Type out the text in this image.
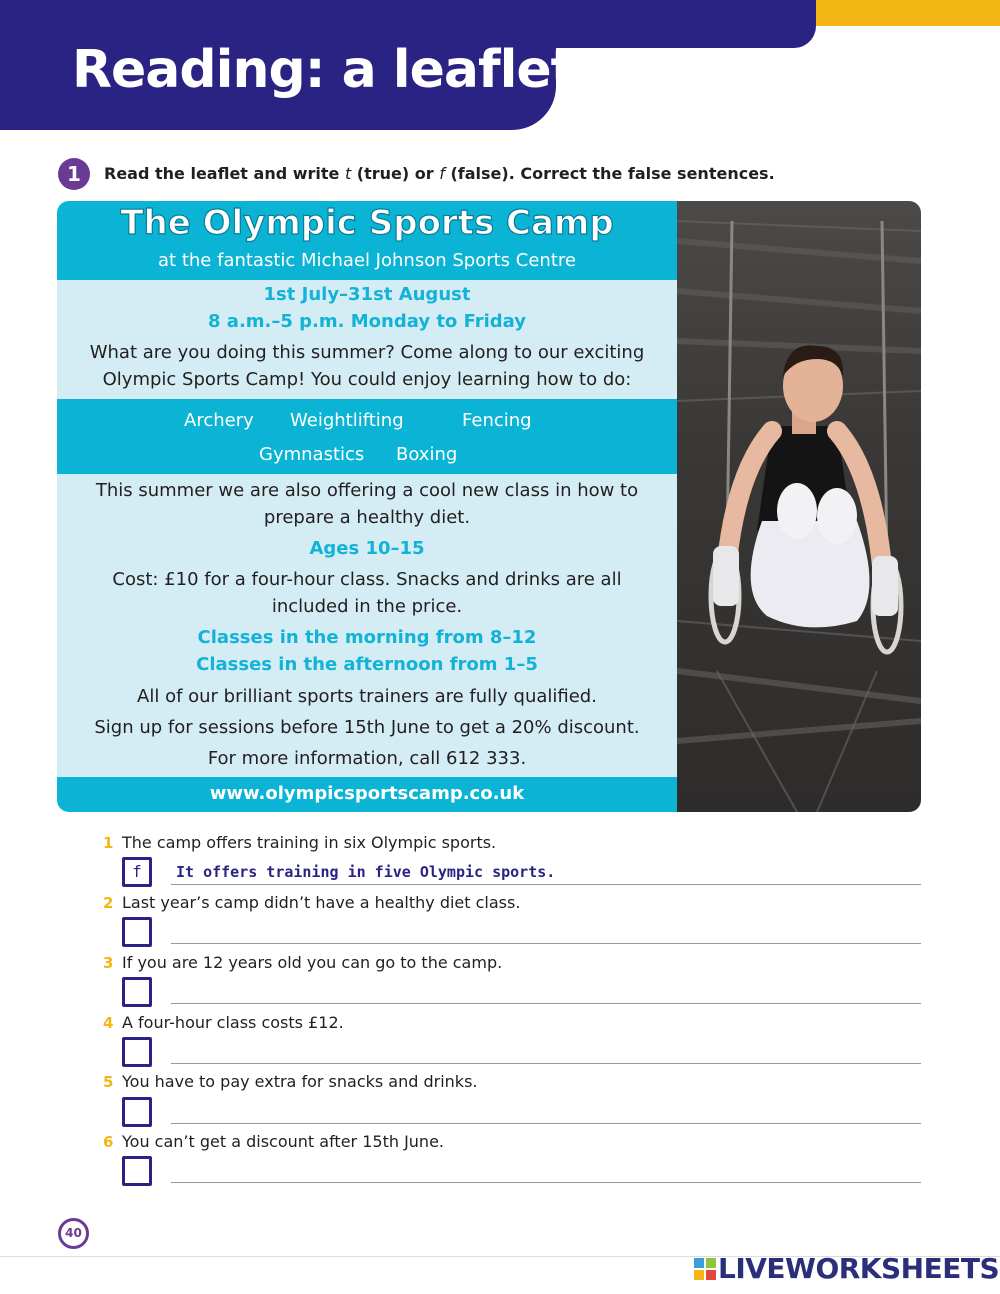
Reading: a leaflet
1	Read the leaflet and write t (true) or f (false). Correct the false sentences.
The Olympic Sports Camp
at the fantastic Michael Johnson Sports Centre
1st July–31st August
8 a.m.–5 p.m. Monday to Friday
What are you doing this summer? Come along to our exciting
Olympic Sports Camp! You could enjoy learning how to do:
Archery Weightlifting	Fencing
Gymnastics Boxing
This summer we are also offering a cool new class in how to
prepare a healthy diet.
Ages 10–15
Cost: £10 for a four-hour class. Snacks and drinks are all
included in the price.
Classes in the morning from 8–12
Classes in the afternoon from 1–5
All of our brilliant sports trainers are fully qualified.
Sign up for sessions before 15th June to get a 20% discount.
For more information, call 612 333.
www.olympicsportscamp.co.uk
1 The camp offers training in six Olympic sports.
f	It offers training in five Olympic sports.
2 Last year’s camp didn’t have a healthy diet class.
3 If you are 12 years old you can go to the camp.
4 A four-hour class costs £12.
5 You have to pay extra for snacks and drinks.
6 You can’t get a discount after 15th June.
40
LIVEWORKSHEETS
